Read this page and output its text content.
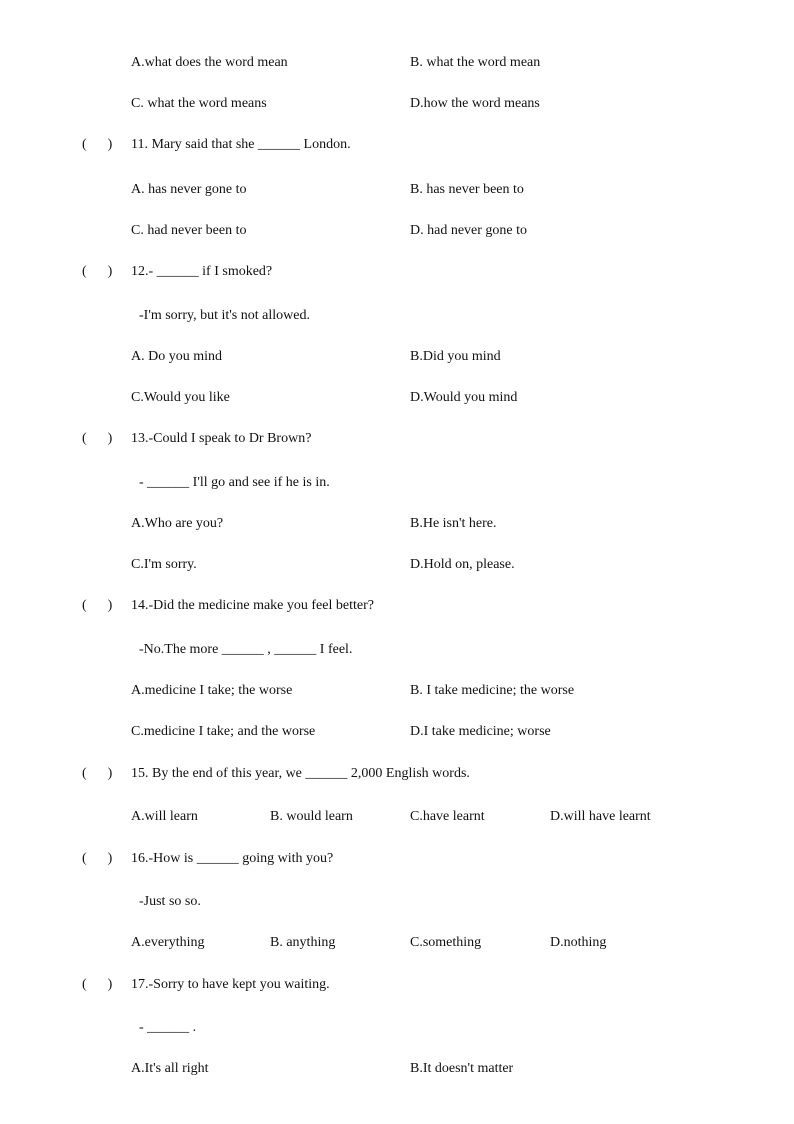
A.what does the word mean	B. what the word mean
C. what the word means	D.how the word means
(      ) 11. Mary said that she ______ London.
A. has never gone to	B. has never been to
C. had never been to	D. had never gone to
(      ) 12.- ______ if I smoked?
-I'm sorry, but it's not allowed.
A. Do you mind	B.Did you mind
C.Would you like	D.Would you mind
(      ) 13.-Could I speak to Dr Brown?
- ______ I'll go and see if he is in.
A.Who are you?	B.He isn't here.
C.I'm sorry.	D.Hold on, please.
(      ) 14.-Did the medicine make you feel better?
-No.The more ______ , ______ I feel.
A.medicine I take; the worse	B. I take medicine; the worse
C.medicine I take; and the worse	D.I take medicine; worse
(      ) 15. By the end of this year, we ______ 2,000 English words.
A.will learn	B. would learn	C.have learnt	D.will have learnt
(      ) 16.-How is ______ going with you?
-Just so so.
A.everything	B. anything	C.something	D.nothing
(      ) 17.-Sorry to have kept you waiting.
- ______ .
A.It's all right	B.It doesn't matter
